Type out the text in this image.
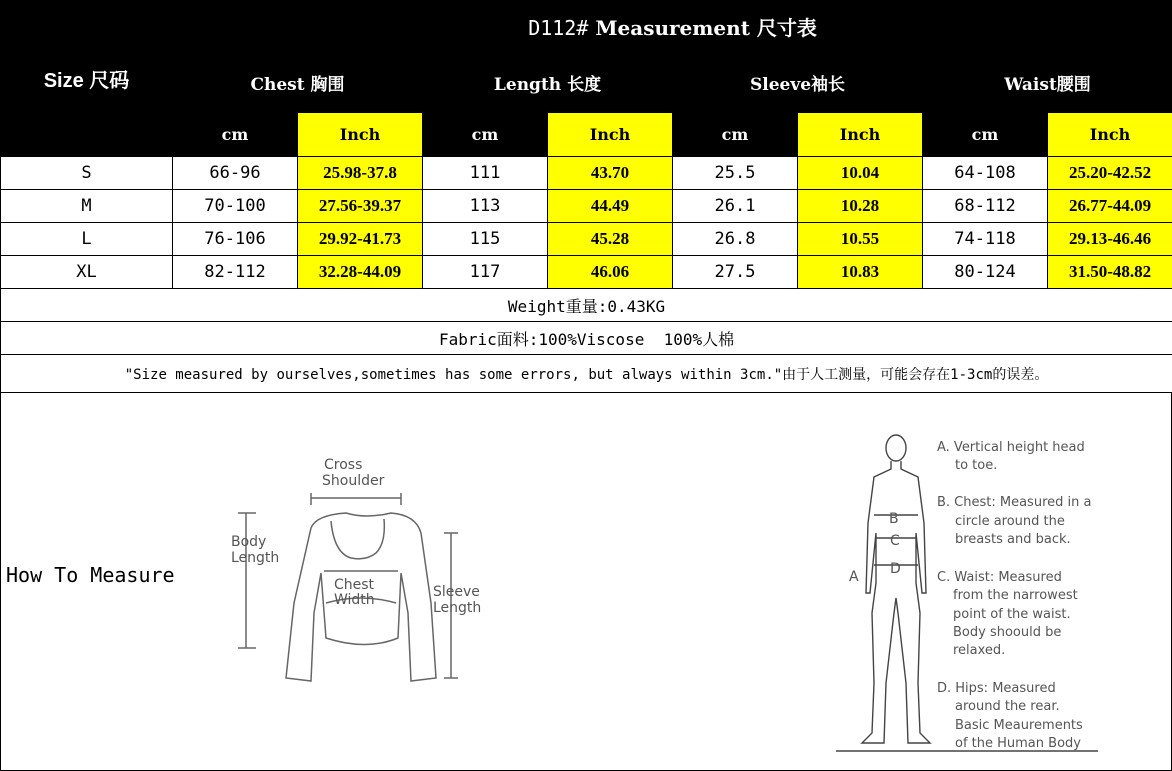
Size 尺码	D112# Measurement 尺寸表							
	Chest 胸围		Length 长度		Sleeve袖长		Waist腰围	
	cm	Inch	cm	Inch	cm	Inch	cm	Inch
S	66-96	25.98-37.8	111	43.70	25.5	10.04	64-108	25.20-42.52
M	70-100	27.56-39.37	113	44.49	26.1	10.28	68-112	26.77-44.09
L	76-106	29.92-41.73	115	45.28	26.8	10.55	74-118	29.13-46.46
XL	82-112	32.28-44.09	117	46.06	27.5	10.83	80-124	31.50-48.82
Weight重量:0.43KG								
Fabric面料:100%Viscose  100%人棉								
"Size measured by ourselves,sometimes has some errors, but always within 3cm."由于人工测量，可能会存在1-3cm的误差。								
How To Measure
Cross
Shoulder
Body
Length
Chest
Width	Sleeve
Length
B
C
D
A
A. Vertical height head
to toe.
B. Chest: Measured in a
circle around the
breasts and back.
C. Waist: Measured
from the narrowest
point of the waist.
Body shoould be
relaxed.
D. Hips: Measured
around the rear.
Basic Meaurements
of the Human Body
